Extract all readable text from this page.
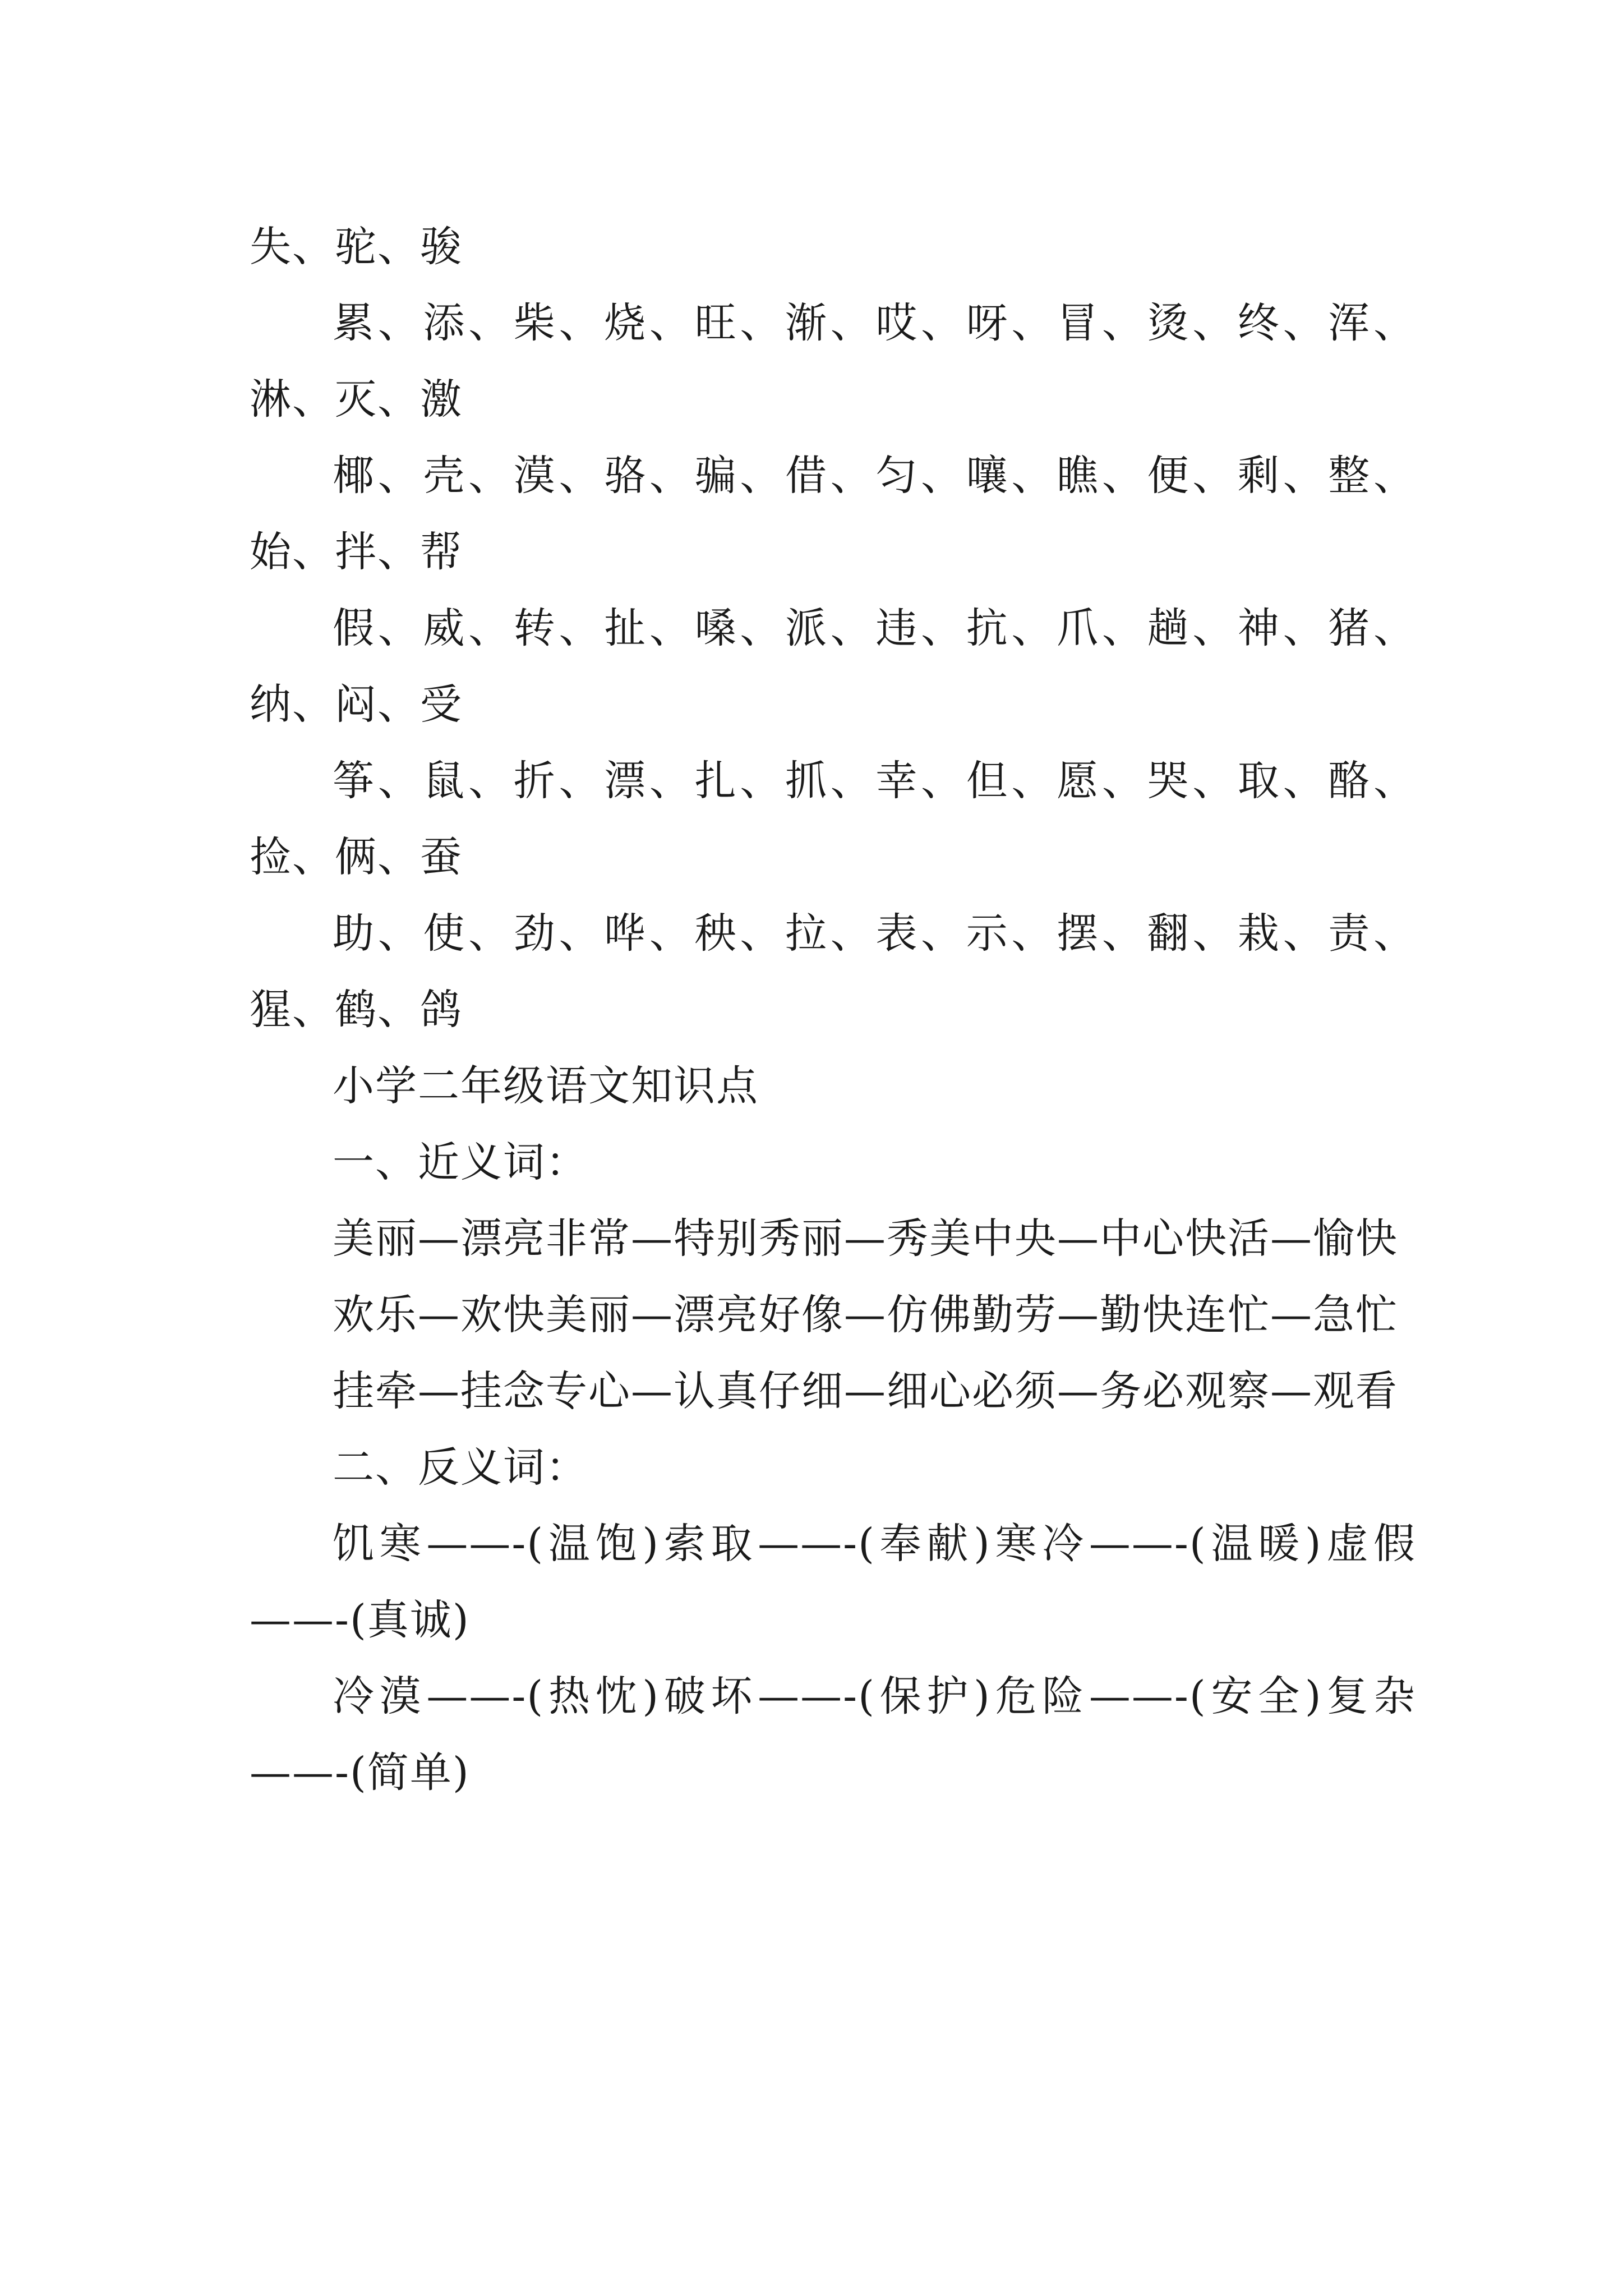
失、驼、骏

累、添、柴、烧、旺、渐、哎、呀、冒、烫、终、浑、淋、灭、激

椰、壳、漠、骆、骗、借、匀、嚷、瞧、便、剩、整、始、拌、帮

假、威、转、扯、嗓、派、违、抗、爪、趟、神、猪、纳、闷、受

筝、鼠、折、漂、扎、抓、幸、但、愿、哭、取、酪、捡、俩、蚕

助、使、劲、哗、秧、拉、表、示、摆、翻、栽、责、猩、鹤、鸽

小学二年级语文知识点

一、近义词：

美丽—漂亮非常—特别秀丽—秀美中央—中心快活—愉快

欢乐—欢快美丽—漂亮好像—仿佛勤劳—勤快连忙—急忙

挂牵—挂念专心—认真仔细—细心必须—务必观察—观看

二、反义词：

饥寒——-(温饱)索取——-(奉献)寒冷——-(温暖)虚假——-(真诚)

冷漠——-(热忱)破坏——-(保护)危险——-(安全)复杂——-(简单)
